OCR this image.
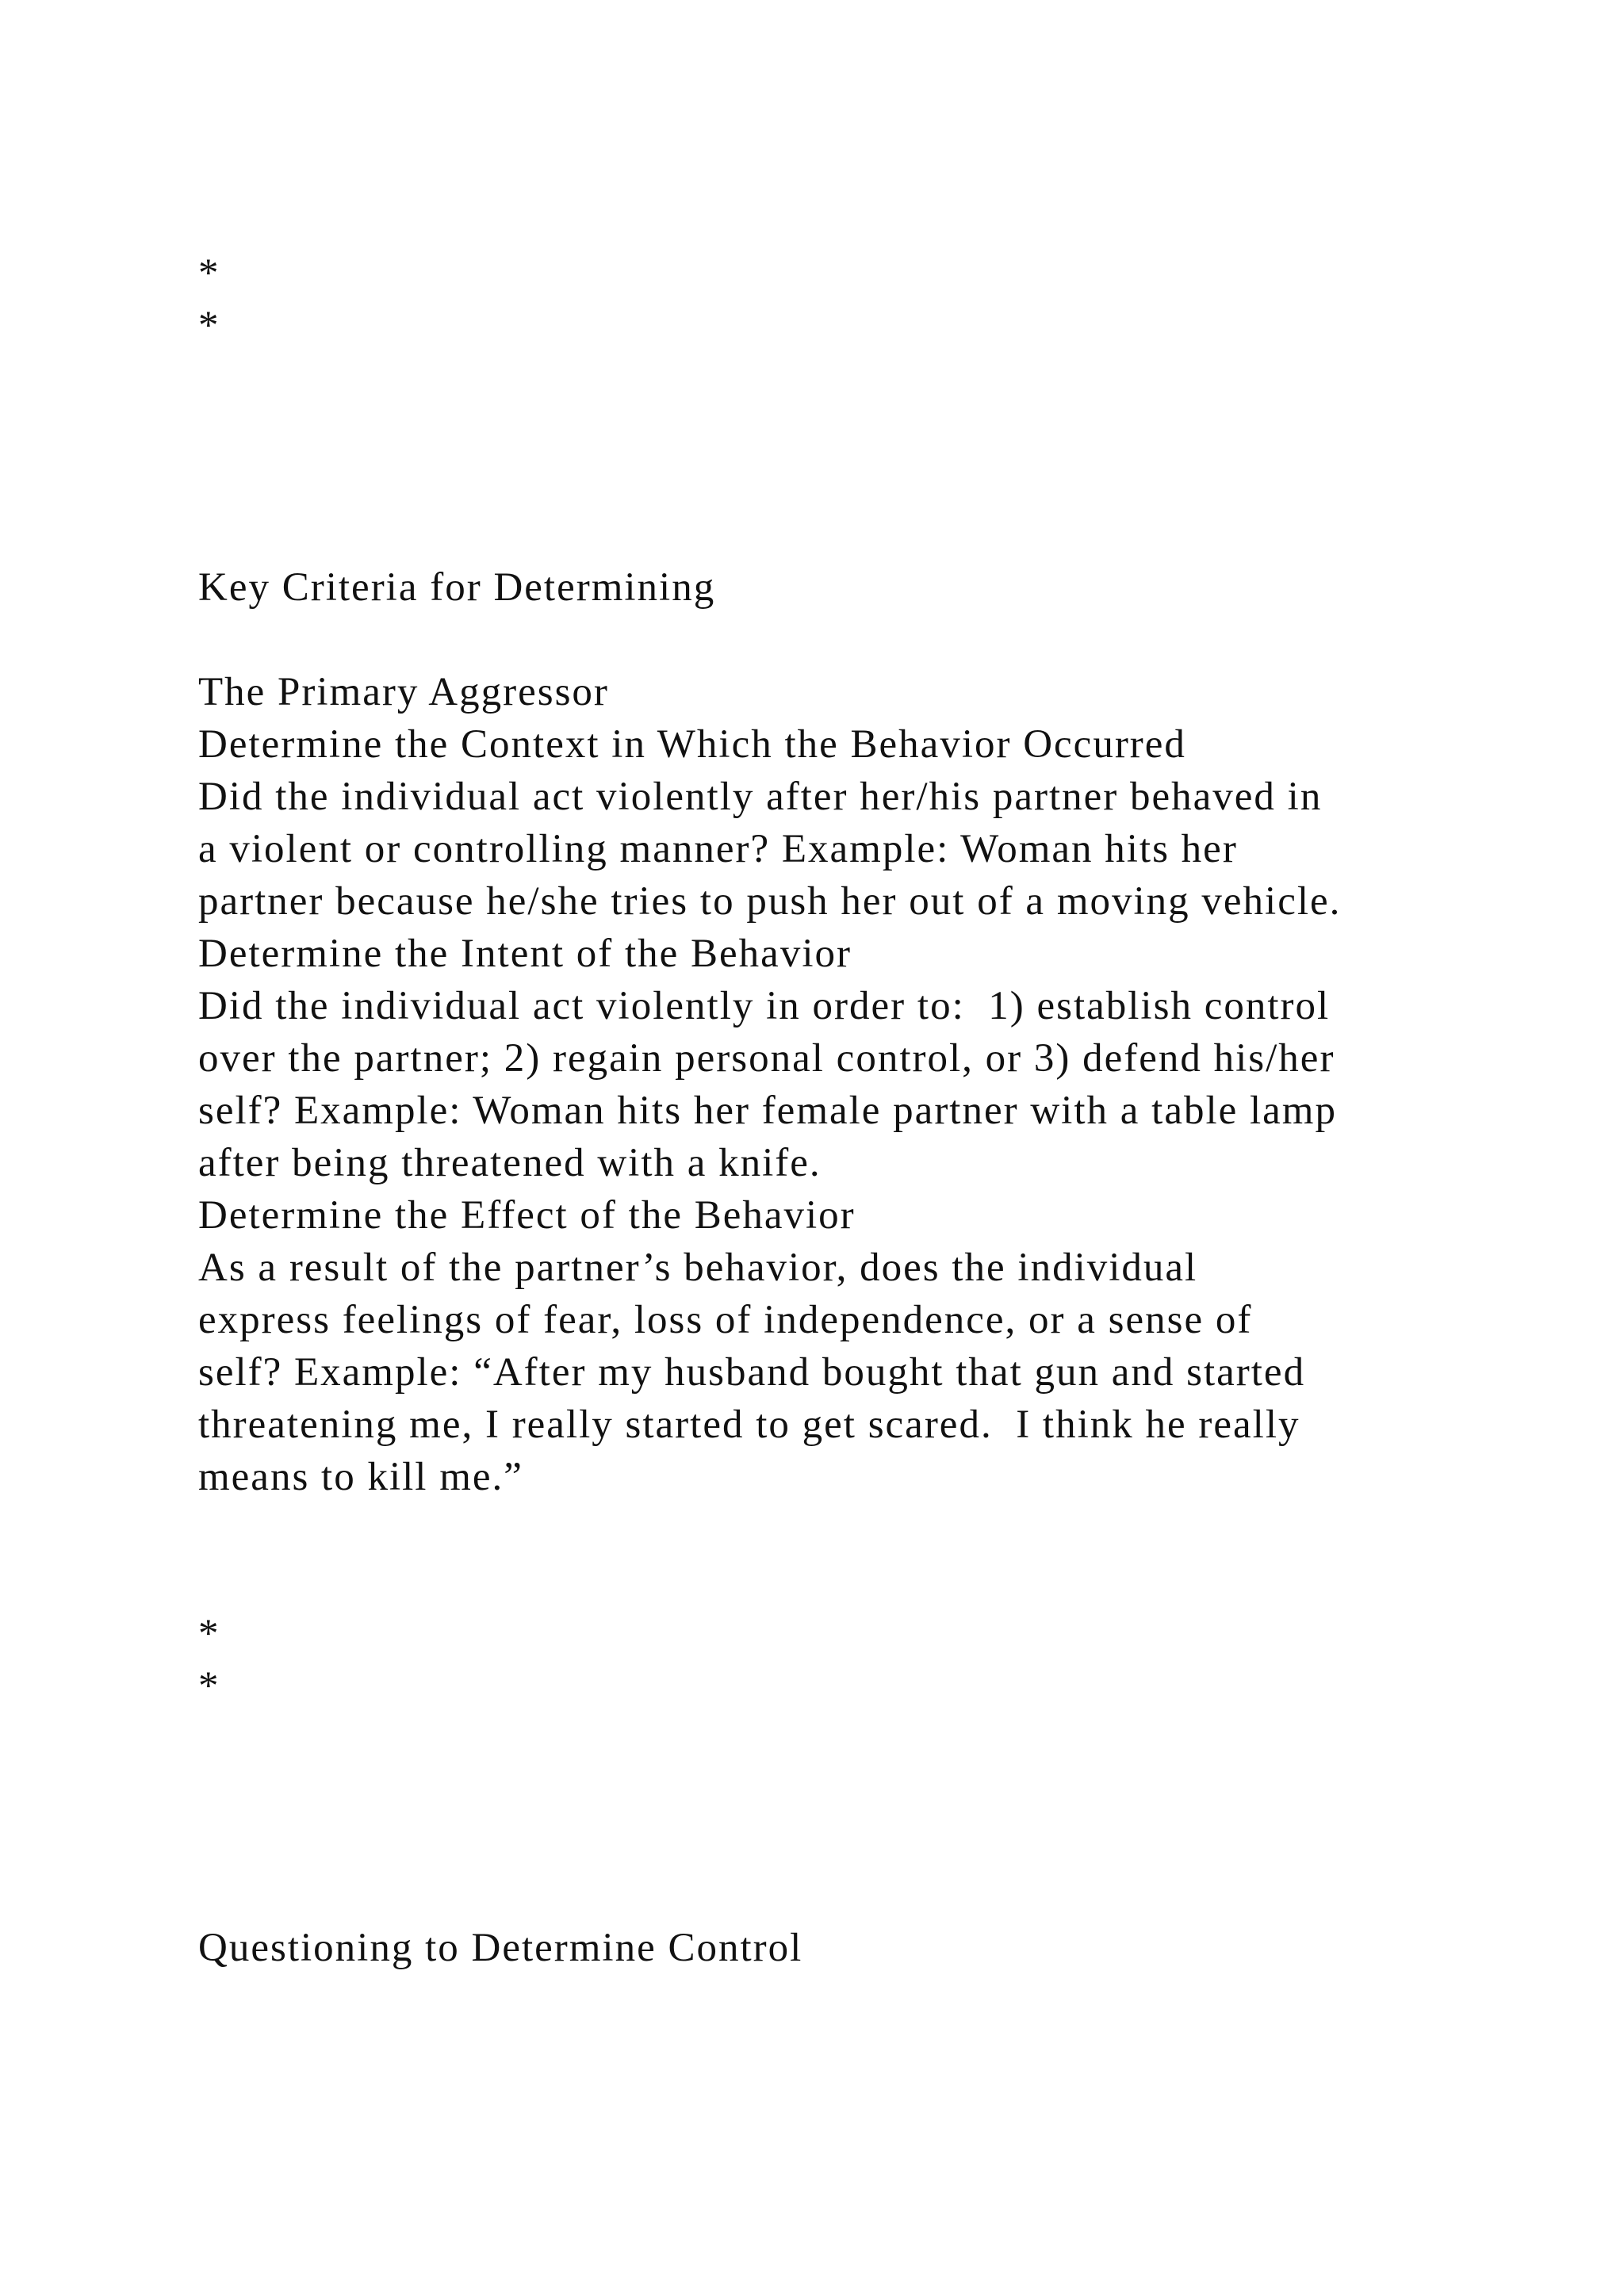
*

*

Key Criteria for Determining

The Primary Aggressor

Determine the Context in Which the Behavior Occurred

Did the individual act violently after her/his partner behaved in

a violent or controlling manner? Example: Woman hits her

partner because he/she tries to push her out of a moving vehicle.

Determine the Intent of the Behavior

Did the individual act violently in order to:  1) establish control

over the partner; 2) regain personal control, or 3) defend his/her

self? Example: Woman hits her female partner with a table lamp

after being threatened with a knife.

Determine the Effect of the Behavior

As a result of the partner’s behavior, does the individual

express feelings of fear, loss of independence, or a sense of

self? Example: “After my husband bought that gun and started

threatening me, I really started to get scared.  I think he really

means to kill me.”

*

*

Questioning to Determine Control
